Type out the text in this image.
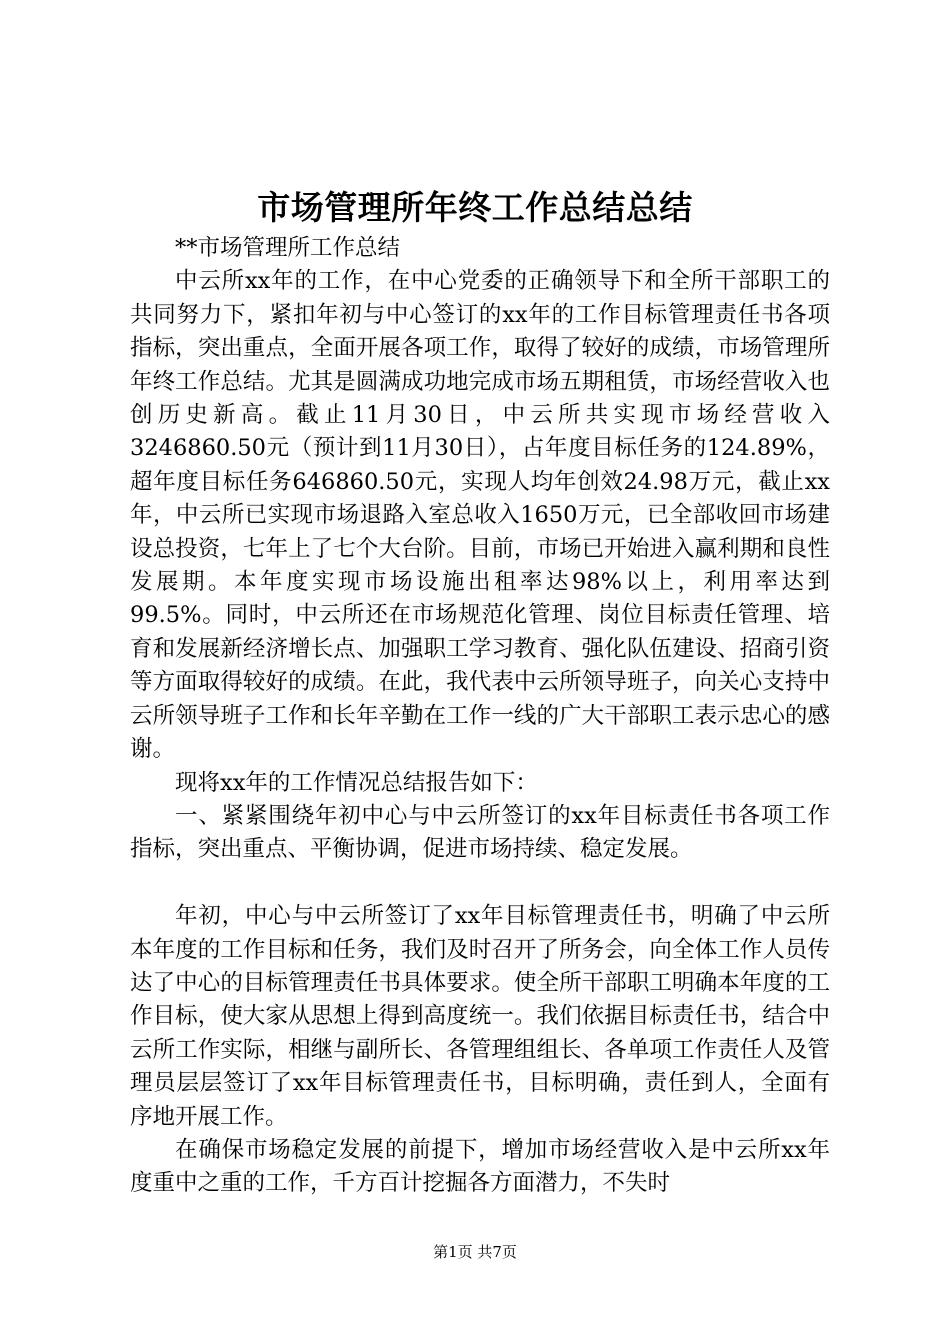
市场管理所年终工作总结总结

**市场管理所工作总结

中云所xx年的工作，在中心党委的正确领导下和全所干部职工的共同努力下，紧扣年初与中心签订的xx年的工作目标管理责任书各项指标，突出重点，全面开展各项工作，取得了较好的成绩，市场管理所年终工作总结。尤其是圆满成功地完成市场五期租赁，市场经营收入也创历史新高。截止11月30日，中云所共实现市场经营收入3246860.50元（预计到11月30日），占年度目标任务的124.89%，超年度目标任务646860.50元，实现人均年创效24.98万元，截止xx年，中云所已实现市场退路入室总收入1650万元，已全部收回市场建设总投资，七年上了七个大台阶。目前，市场已开始进入赢利期和良性发展期。本年度实现市场设施出租率达98%以上，利用率达到99.5%。同时，中云所还在市场规范化管理、岗位目标责任管理、培育和发展新经济增长点、加强职工学习教育、强化队伍建设、招商引资等方面取得较好的成绩。在此，我代表中云所领导班子，向关心支持中云所领导班子工作和长年辛勤在工作一线的广大干部职工表示忠心的感谢。

现将xx年的工作情况总结报告如下：

一、紧紧围绕年初中心与中云所签订的xx年目标责任书各项工作指标，突出重点、平衡协调，促进市场持续、稳定发展。

年初，中心与中云所签订了xx年目标管理责任书，明确了中云所本年度的工作目标和任务，我们及时召开了所务会，向全体工作人员传达了中心的目标管理责任书具体要求。使全所干部职工明确本年度的工作目标，使大家从思想上得到高度统一。我们依据目标责任书，结合中云所工作实际，相继与副所长、各管理组组长、各单项工作责任人及管理员层层签订了xx年目标管理责任书，目标明确，责任到人，全面有序地开展工作。

在确保市场稳定发展的前提下，增加市场经营收入是中云所xx年度重中之重的工作，千方百计挖掘各方面潜力，不失时

第1页 共7页
